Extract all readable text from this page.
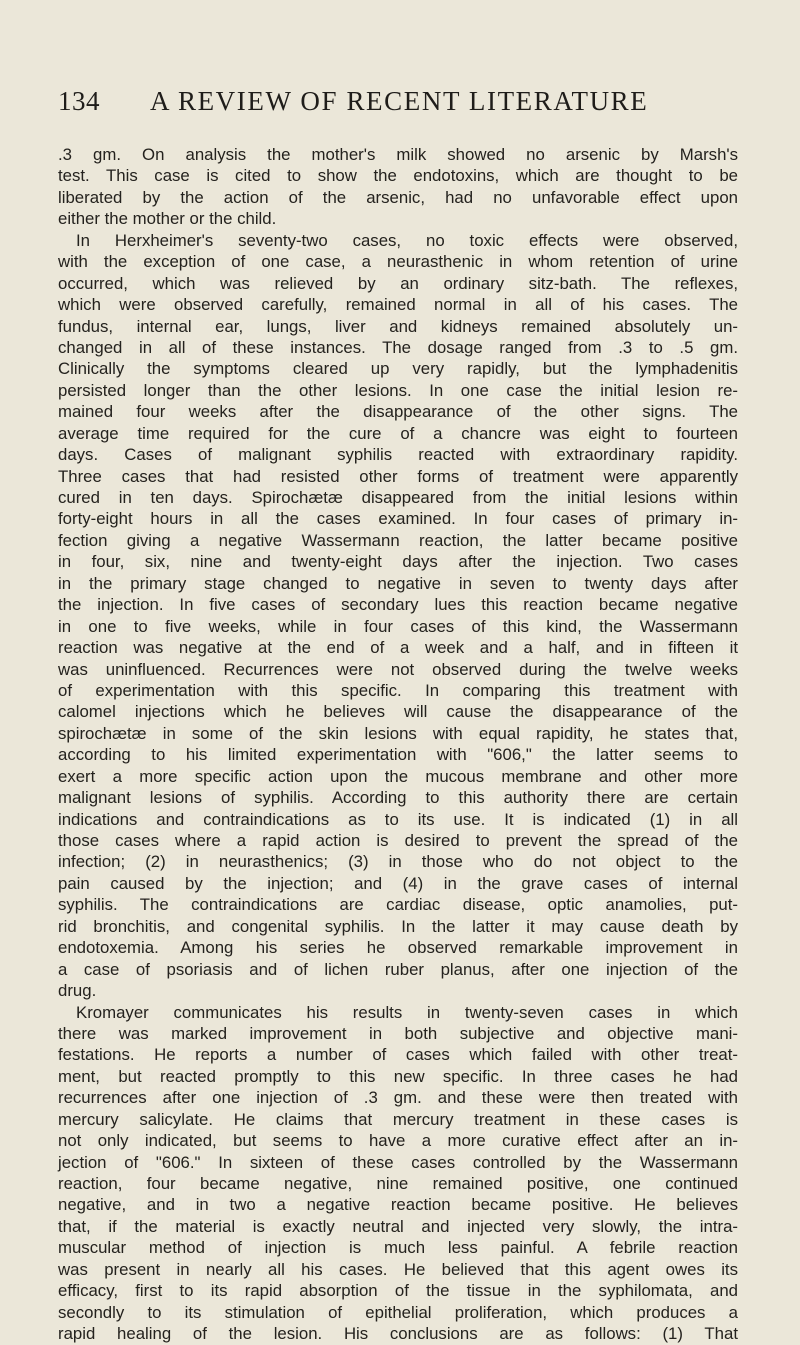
134 A REVIEW OF RECENT LITERATURE
.3 gm. On analysis the mother's milk showed no arsenic by Marsh's
test. This case is cited to show the endotoxins, which are thought to be
liberated by the action of the arsenic, had no unfavorable effect upon
either the mother or the child.
In Herxheimer's seventy-two cases, no toxic effects were observed,
with the exception of one case, a neurasthenic in whom retention of urine
occurred, which was relieved by an ordinary sitz-bath. The reflexes,
which were observed carefully, remained normal in all of his cases. The
fundus, internal ear, lungs, liver and kidneys remained absolutely un-
changed in all of these instances. The dosage ranged from .3 to .5 gm.
Clinically the symptoms cleared up very rapidly, but the lymphadenitis
persisted longer than the other lesions. In one case the initial lesion re-
mained four weeks after the disappearance of the other signs. The
average time required for the cure of a chancre was eight to fourteen
days. Cases of malignant syphilis reacted with extraordinary rapidity.
Three cases that had resisted other forms of treatment were apparently
cured in ten days. Spirochætæ disappeared from the initial lesions within
forty-eight hours in all the cases examined. In four cases of primary in-
fection giving a negative Wassermann reaction, the latter became positive
in four, six, nine and twenty-eight days after the injection. Two cases
in the primary stage changed to negative in seven to twenty days after
the injection. In five cases of secondary lues this reaction became negative
in one to five weeks, while in four cases of this kind, the Wassermann
reaction was negative at the end of a week and a half, and in fifteen it
was uninfluenced. Recurrences were not observed during the twelve weeks
of experimentation with this specific. In comparing this treatment with
calomel injections which he believes will cause the disappearance of the
spirochætæ in some of the skin lesions with equal rapidity, he states that,
according to his limited experimentation with "606," the latter seems to
exert a more specific action upon the mucous membrane and other more
malignant lesions of syphilis. According to this authority there are certain
indications and contraindications as to its use. It is indicated (1) in all
those cases where a rapid action is desired to prevent the spread of the
infection; (2) in neurasthenics; (3) in those who do not object to the
pain caused by the injection; and (4) in the grave cases of internal
syphilis. The contraindications are cardiac disease, optic anamolies, put-
rid bronchitis, and congenital syphilis. In the latter it may cause death by
endotoxemia. Among his series he observed remarkable improvement in
a case of psoriasis and of lichen ruber planus, after one injection of the
drug.
Kromayer communicates his results in twenty-seven cases in which
there was marked improvement in both subjective and objective mani-
festations. He reports a number of cases which failed with other treat-
ment, but reacted promptly to this new specific. In three cases he had
recurrences after one injection of .3 gm. and these were then treated with
mercury salicylate. He claims that mercury treatment in these cases is
not only indicated, but seems to have a more curative effect after an in-
jection of "606." In sixteen of these cases controlled by the Wassermann
reaction, four became negative, nine remained positive, one continued
negative, and in two a negative reaction became positive. He believes
that, if the material is exactly neutral and injected very slowly, the intra-
muscular method of injection is much less painful. A febrile reaction
was present in nearly all his cases. He believed that this agent owes its
efficacy, first to its rapid absorption of the tissue in the syphilomata, and
secondly to its stimulation of epithelial proliferation, which produces a
rapid healing of the lesion. His conclusions are as follows: (1) That
